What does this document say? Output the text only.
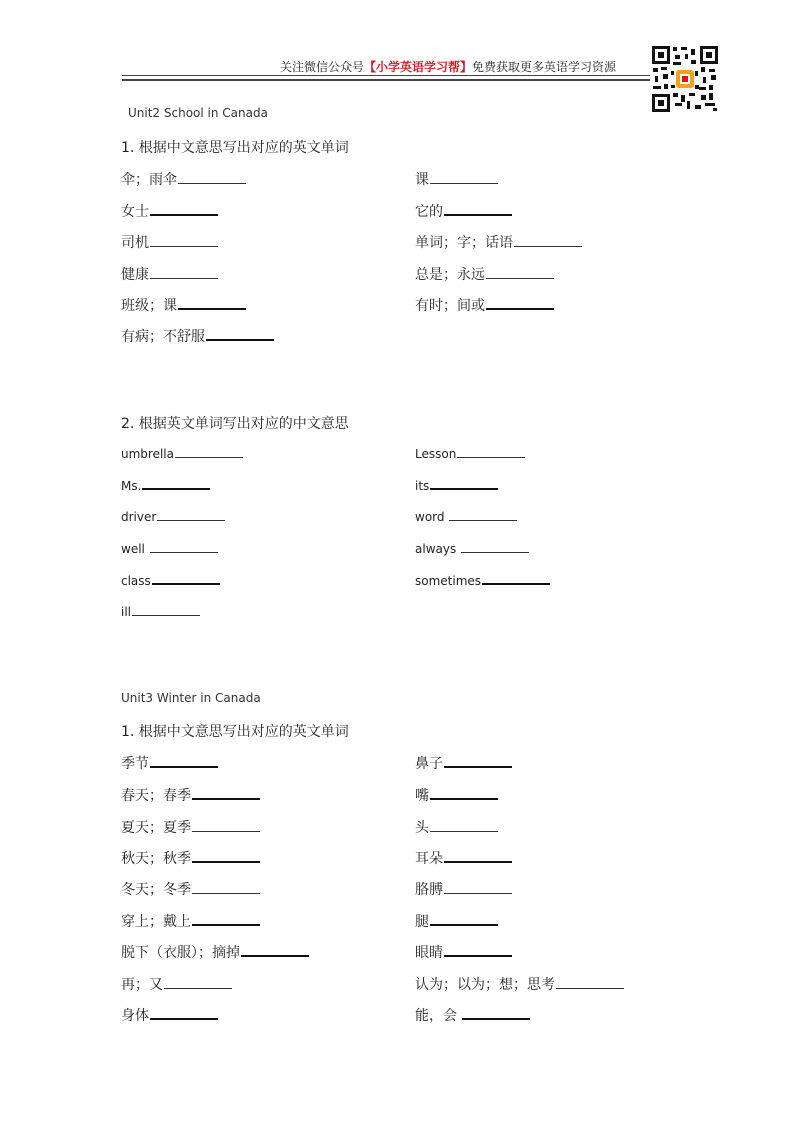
关注微信公众号【小学英语学习帮】免费获取更多英语学习资源
Unit2 School in Canada
1. 根据中文意思写出对应的英文单词
伞；雨伞
女士
司机
健康
班级；课
有病；不舒服
课
它的
单词；字；话语
总是；永远
有时；间或
2. 根据英文单词写出对应的中文意思
umbrella
Ms.
driver
well
class
ill
Lesson
its
word
always
sometimes
Unit3 Winter in Canada
1. 根据中文意思写出对应的英文单词
季节
春天；春季
夏天；夏季
秋天；秋季
冬天；冬季
穿上；戴上
脱下（衣服）；摘掉
再；又
身体
鼻子
嘴
头
耳朵
胳膊
腿
眼睛
认为；以为；想；思考
能，会
